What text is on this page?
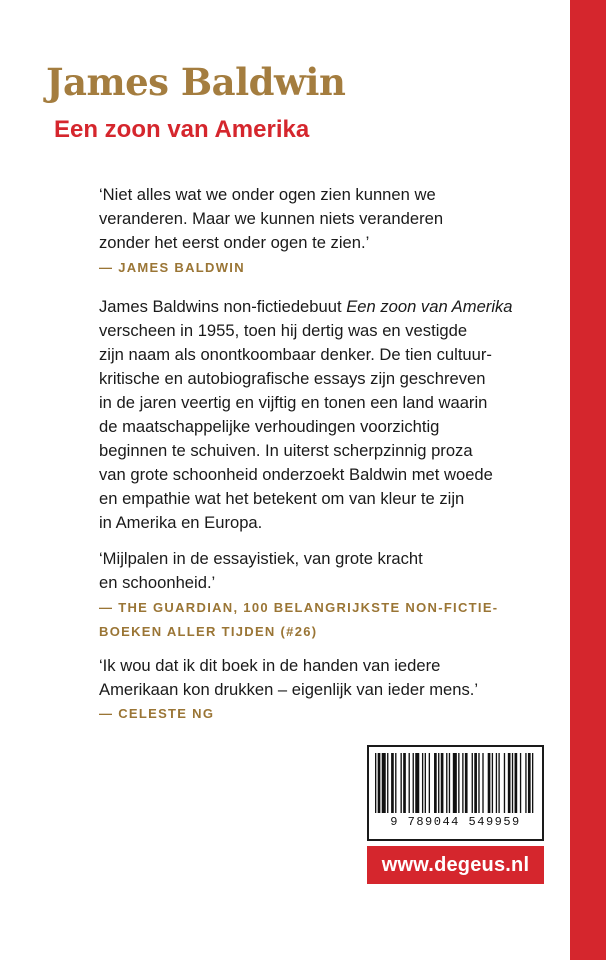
James Baldwin
Een zoon van Amerika

‘Niet alles wat we onder ogen zien kunnen we

veranderen. Maar we kunnen niets veranderen

zonder het eerst onder ogen te zien.’

— JAMES BALDWIN

James Baldwins non-fictiedebuut Een zoon van Amerika

verscheen in 1955, toen hij dertig was en vestigde

zijn naam als onontkoombaar denker. De tien cultuur-

kritische en autobiografische essays zijn geschreven

in de jaren veertig en vijftig en tonen een land waarin

de maatschappelijke verhoudingen voorzichtig

beginnen te schuiven. In uiterst scherpzinnig proza

van grote schoonheid onderzoekt Baldwin met woede

en empathie wat het betekent om van kleur te zijn

in Amerika en Europa.

‘Mijlpalen in de essayistiek, van grote kracht

en schoonheid.’

— THE GUARDIAN, 100 BELANGRIJKSTE NON-FICTIE-

BOEKEN ALLER TIJDEN (#26)

‘Ik wou dat ik dit boek in de handen van iedere

Amerikaan kon drukken – eigenlijk van ieder mens.’

— CELESTE NG

9 789044 549959
www.degeus.nl
